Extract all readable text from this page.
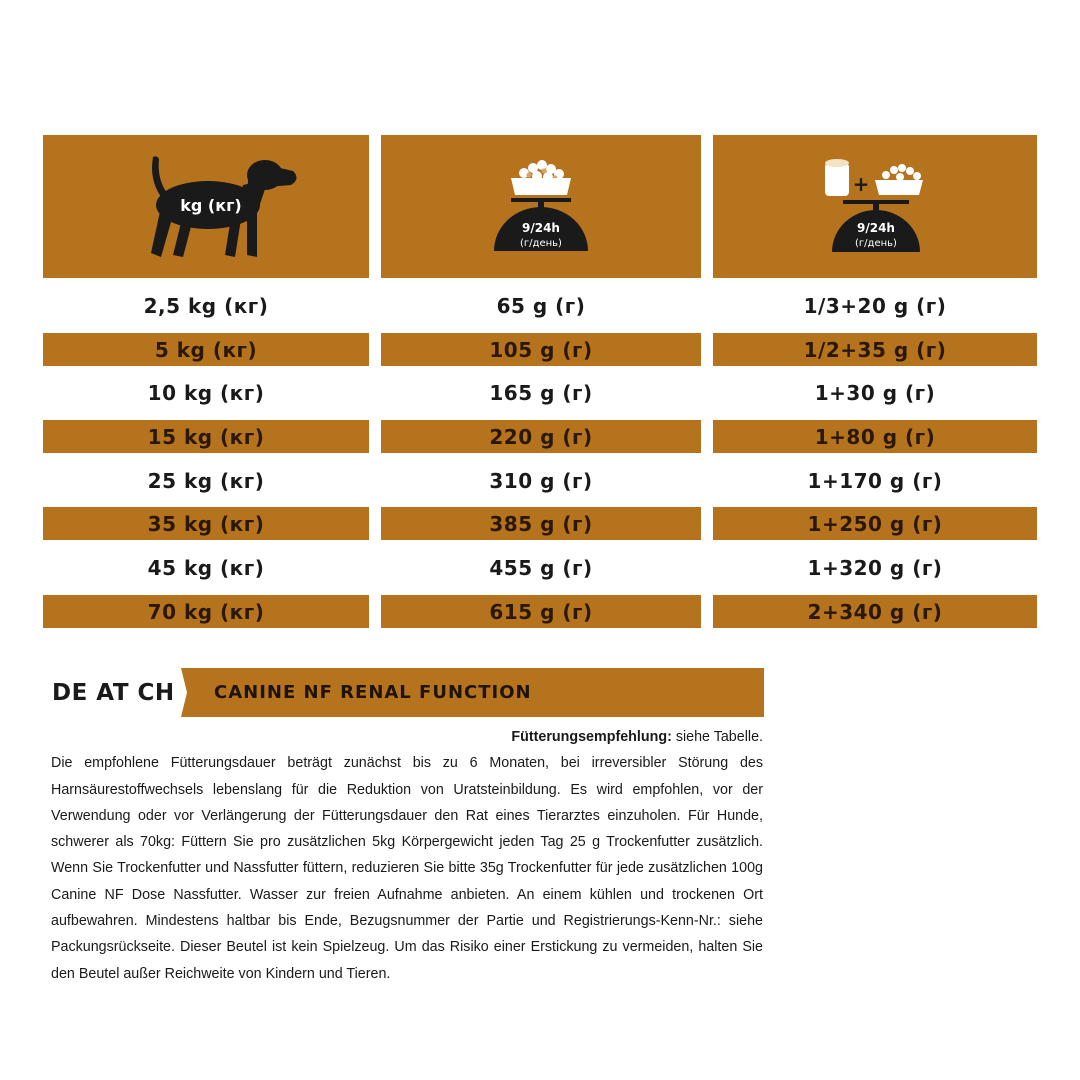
kg (кг)
9/24h
(г/день)
+
9/24h
(г/день)
2,5 kg (кг)	65 g (г)	1/3+20 g (г)
5 kg (кг)	105 g (г)	1/2+35 g (г)
10 kg (кг)	165 g (г)	1+30 g (г)
15 kg (кг)	220 g (г)	1+80 g (г)
25 kg (кг)	310 g (г)	1+170 g (г)
35 kg (кг)	385 g (г)	1+250 g (г)
45 kg (кг)	455 g (г)	1+320 g (г)
70 kg (кг)	615 g (г)	2+340 g (г)
DE AT CH CANINE NF RENAL FUNCTION
Fütterungsempfehlung: siehe Tabelle.
Die empfohlene Fütterungsdauer beträgt zunächst bis zu 6 Monaten, bei irreversibler Störung des Harnsäurestoffwechsels lebenslang für die Reduktion von Uratsteinbildung. Es wird empfohlen, vor der Verwendung oder vor Verlängerung der Fütterungsdauer den Rat eines Tierarztes einzuholen. Für Hunde, schwerer als 70kg: Füttern Sie pro zusätzlichen 5kg Körpergewicht jeden Tag 25 g Trockenfutter zusätzlich. Wenn Sie Trockenfutter und Nassfutter füttern, reduzieren Sie bitte 35g Trockenfutter für jede zusätzlichen 100g Canine NF Dose Nassfutter. Wasser zur freien Aufnahme anbieten. An einem kühlen und trockenen Ort aufbewahren. Mindestens haltbar bis Ende, Bezugsnummer der Partie und Registrierungs-Kenn-Nr.: siehe Packungsrückseite. Dieser Beutel ist kein Spielzeug. Um das Risiko einer Erstickung zu vermeiden, halten Sie den Beutel außer Reichweite von Kindern und Tieren.
